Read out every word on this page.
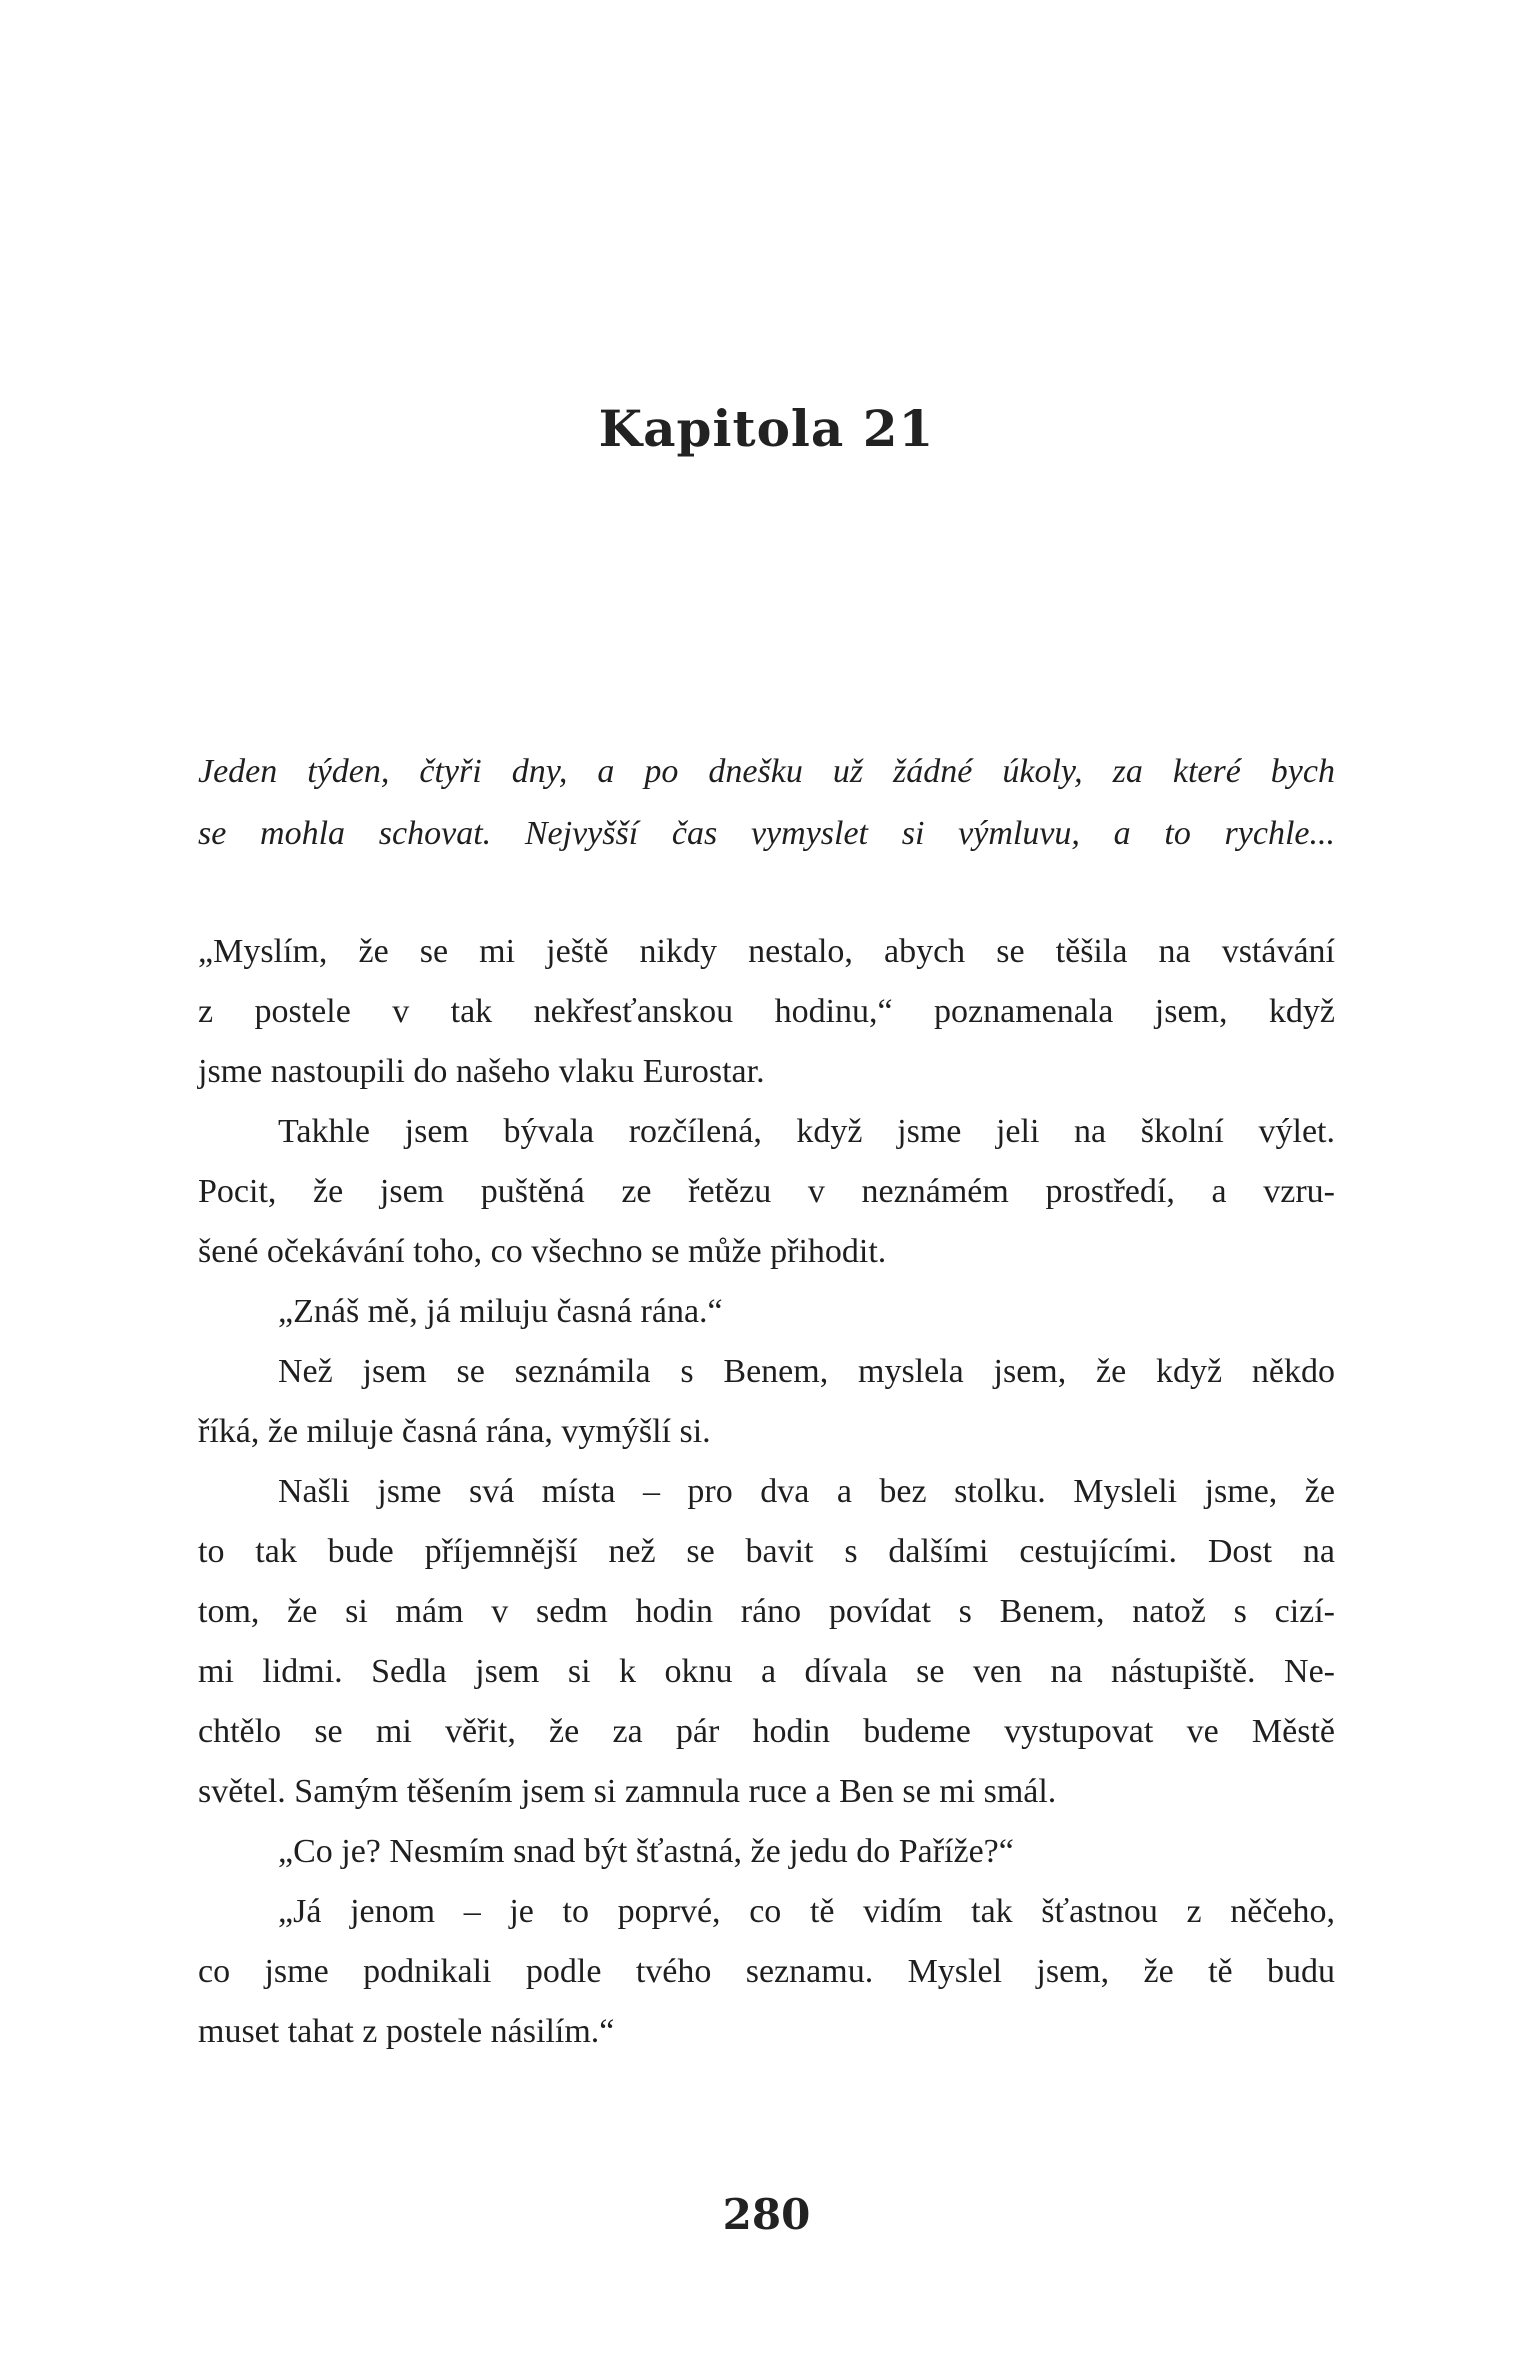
Kapitola 21
Jeden týden, čtyři dny, a po dnešku už žádné úkoly, za které bych
se mohla schovat. Nejvyšší čas vymyslet si výmluvu, a to rychle...

„Myslím, že se mi ještě nikdy nestalo, abych se těšila na vstávání
z postele v tak nekřesťanskou hodinu,“ poznamenala jsem, když
jsme nastoupili do našeho vlaku Eurostar.

Takhle jsem bývala rozčílená, když jsme jeli na školní výlet.
Pocit, že jsem puštěná ze řetězu v neznámém prostředí, a vzru-
šené očekávání toho, co všechno se může přihodit.

„Znáš mě, já miluju časná rána.“

Než jsem se seznámila s Benem, myslela jsem, že když někdo
říká, že miluje časná rána, vymýšlí si.

Našli jsme svá místa – pro dva a bez stolku. Mysleli jsme, že
to tak bude příjemnější než se bavit s dalšími cestujícími. Dost na
tom, že si mám v sedm hodin ráno povídat s Benem, natož s cizí-
mi lidmi. Sedla jsem si k oknu a dívala se ven na nástupiště. Ne-
chtělo se mi věřit, že za pár hodin budeme vystupovat ve Městě
světel. Samým těšením jsem si zamnula ruce a Ben se mi smál.

„Co je? Nesmím snad být šťastná, že jedu do Paříže?“

„Já jenom – je to poprvé, co tě vidím tak šťastnou z něčeho,
co jsme podnikali podle tvého seznamu. Myslel jsem, že tě budu
muset tahat z postele násilím.“

280
